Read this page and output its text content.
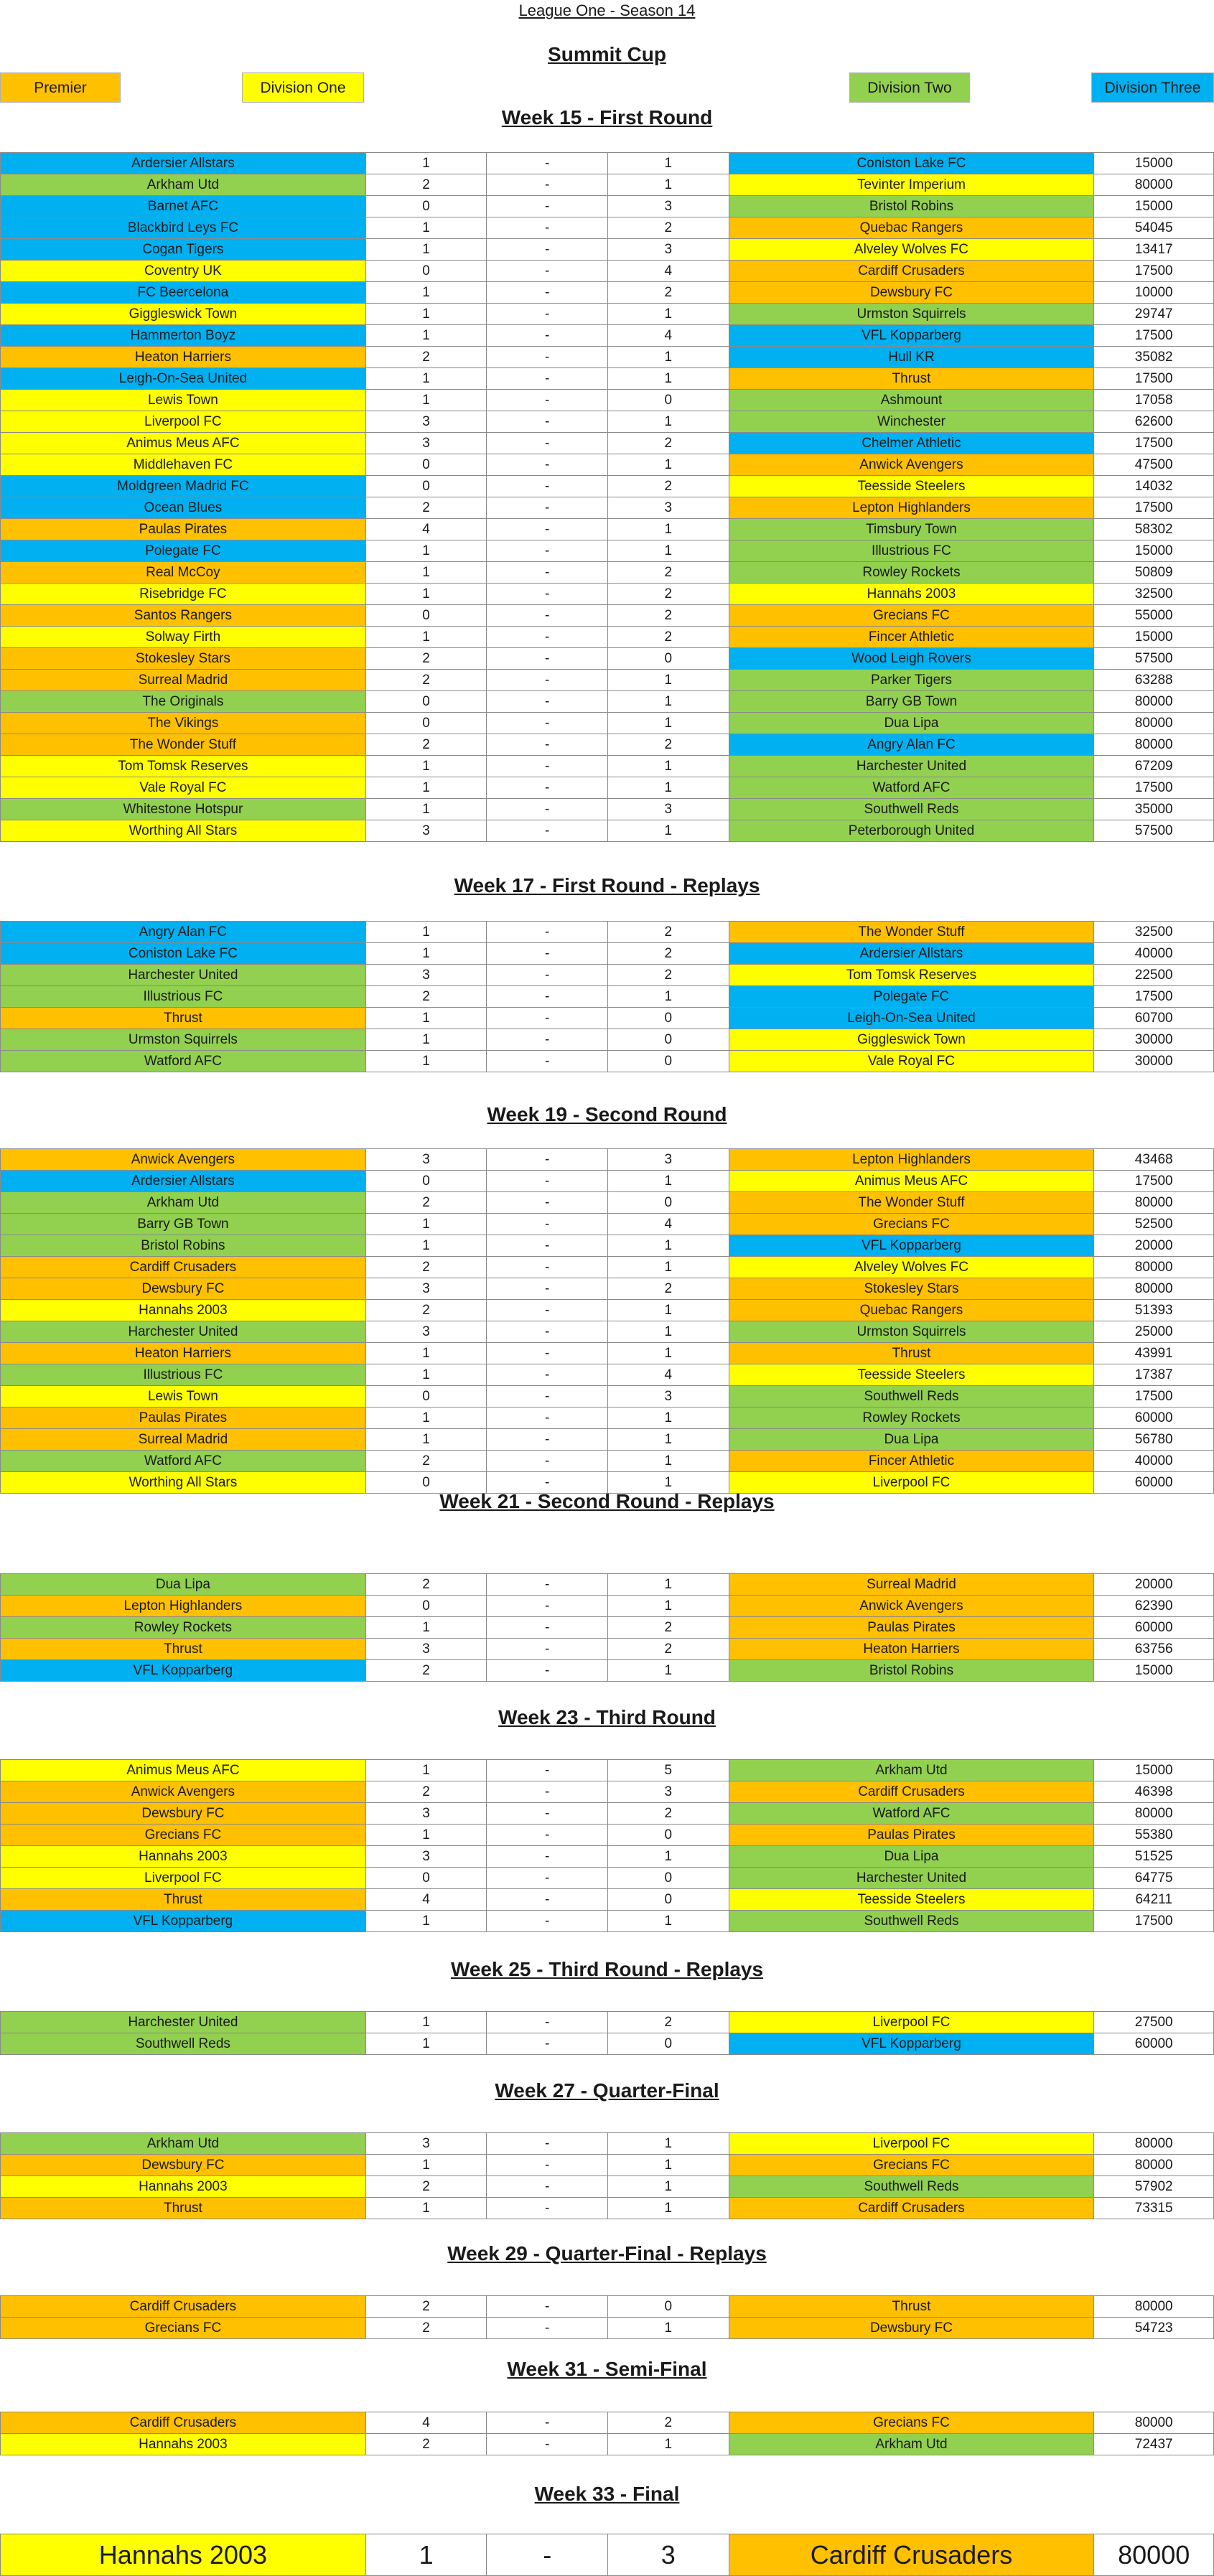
League One - Season 14
Summit Cup
Premier	Division One	Division Two	Division Three
Week 15 - First Round
Ardersier Allstars	1	-	1	Coniston Lake FC	15000
Arkham Utd	2	-	1	Tevinter Imperium	80000
Barnet AFC	0	-	3	Bristol Robins	15000
Blackbird Leys FC	1	-	2	Quebac Rangers	54045
Cogan Tigers	1	-	3	Alveley Wolves FC	13417
Coventry UK	0	-	4	Cardiff Crusaders	17500
FC Beercelona	1	-	2	Dewsbury FC	10000
Giggleswick Town	1	-	1	Urmston Squirrels	29747
Hammerton Boyz	1	-	4	VFL Kopparberg	17500
Heaton Harriers	2	-	1	Hull KR	35082
Leigh-On-Sea United	1	-	1	Thrust	17500
Lewis Town	1	-	0	Ashmount	17058
Liverpool FC	3	-	1	Winchester	62600
Animus Meus AFC	3	-	2	Chelmer Athletic	17500
Middlehaven FC	0	-	1	Anwick Avengers	47500
Moldgreen Madrid FC	0	-	2	Teesside Steelers	14032
Ocean Blues	2	-	3	Lepton Highlanders	17500
Paulas Pirates	4	-	1	Timsbury Town	58302
Polegate FC	1	-	1	Illustrious FC	15000
Real McCoy	1	-	2	Rowley Rockets	50809
Risebridge FC	1	-	2	Hannahs 2003	32500
Santos Rangers	0	-	2	Grecians FC	55000
Solway Firth	1	-	2	Fincer Athletic	15000
Stokesley Stars	2	-	0	Wood Leigh Rovers	57500
Surreal Madrid	2	-	1	Parker Tigers	63288
The Originals	0	-	1	Barry GB Town	80000
The Vikings	0	-	1	Dua Lipa	80000
The Wonder Stuff	2	-	2	Angry Alan FC	80000
Tom Tomsk Reserves	1	-	1	Harchester United	67209
Vale Royal FC	1	-	1	Watford AFC	17500
Whitestone Hotspur	1	-	3	Southwell Reds	35000
Worthing All Stars	3	-	1	Peterborough United	57500
Week 17 - First Round - Replays
Angry Alan FC	1	-	2	The Wonder Stuff	32500
Coniston Lake FC	1	-	2	Ardersier Allstars	40000
Harchester United	3	-	2	Tom Tomsk Reserves	22500
Illustrious FC	2	-	1	Polegate FC	17500
Thrust	1	-	0	Leigh-On-Sea United	60700
Urmston Squirrels	1	-	0	Giggleswick Town	30000
Watford AFC	1	-	0	Vale Royal FC	30000
Week 19 - Second Round
Anwick Avengers	3	-	3	Lepton Highlanders	43468
Ardersier Allstars	0	-	1	Animus Meus AFC	17500
Arkham Utd	2	-	0	The Wonder Stuff	80000
Barry GB Town	1	-	4	Grecians FC	52500
Bristol Robins	1	-	1	VFL Kopparberg	20000
Cardiff Crusaders	2	-	1	Alveley Wolves FC	80000
Dewsbury FC	3	-	2	Stokesley Stars	80000
Hannahs 2003	2	-	1	Quebac Rangers	51393
Harchester United	3	-	1	Urmston Squirrels	25000
Heaton Harriers	1	-	1	Thrust	43991
Illustrious FC	1	-	4	Teesside Steelers	17387
Lewis Town	0	-	3	Southwell Reds	17500
Paulas Pirates	1	-	1	Rowley Rockets	60000
Surreal Madrid	1	-	1	Dua Lipa	56780
Watford AFC	2	-	1	Fincer Athletic	40000
Worthing All Stars	0	-	1	Liverpool FC	60000
Week 21 - Second Round - Replays
Dua Lipa	2	-	1	Surreal Madrid	20000
Lepton Highlanders	0	-	1	Anwick Avengers	62390
Rowley Rockets	1	-	2	Paulas Pirates	60000
Thrust	3	-	2	Heaton Harriers	63756
VFL Kopparberg	2	-	1	Bristol Robins	15000
Week 23 - Third Round
Animus Meus AFC	1	-	5	Arkham Utd	15000
Anwick Avengers	2	-	3	Cardiff Crusaders	46398
Dewsbury FC	3	-	2	Watford AFC	80000
Grecians FC	1	-	0	Paulas Pirates	55380
Hannahs 2003	3	-	1	Dua Lipa	51525
Liverpool FC	0	-	0	Harchester United	64775
Thrust	4	-	0	Teesside Steelers	64211
VFL Kopparberg	1	-	1	Southwell Reds	17500
Week 25 - Third Round - Replays
Harchester United	1	-	2	Liverpool FC	27500
Southwell Reds	1	-	0	VFL Kopparberg	60000
Week 27 - Quarter-Final
Arkham Utd	3	-	1	Liverpool FC	80000
Dewsbury FC	1	-	1	Grecians FC	80000
Hannahs 2003	2	-	1	Southwell Reds	57902
Thrust	1	-	1	Cardiff Crusaders	73315
Week 29 - Quarter-Final - Replays
Cardiff Crusaders	2	-	0	Thrust	80000
Grecians FC	2	-	1	Dewsbury FC	54723
Week 31 - Semi-Final
Cardiff Crusaders	4	-	2	Grecians FC	80000
Hannahs 2003	2	-	1	Arkham Utd	72437
Week 33 - Final
Hannahs 2003	1	-	3	Cardiff Crusaders	80000
